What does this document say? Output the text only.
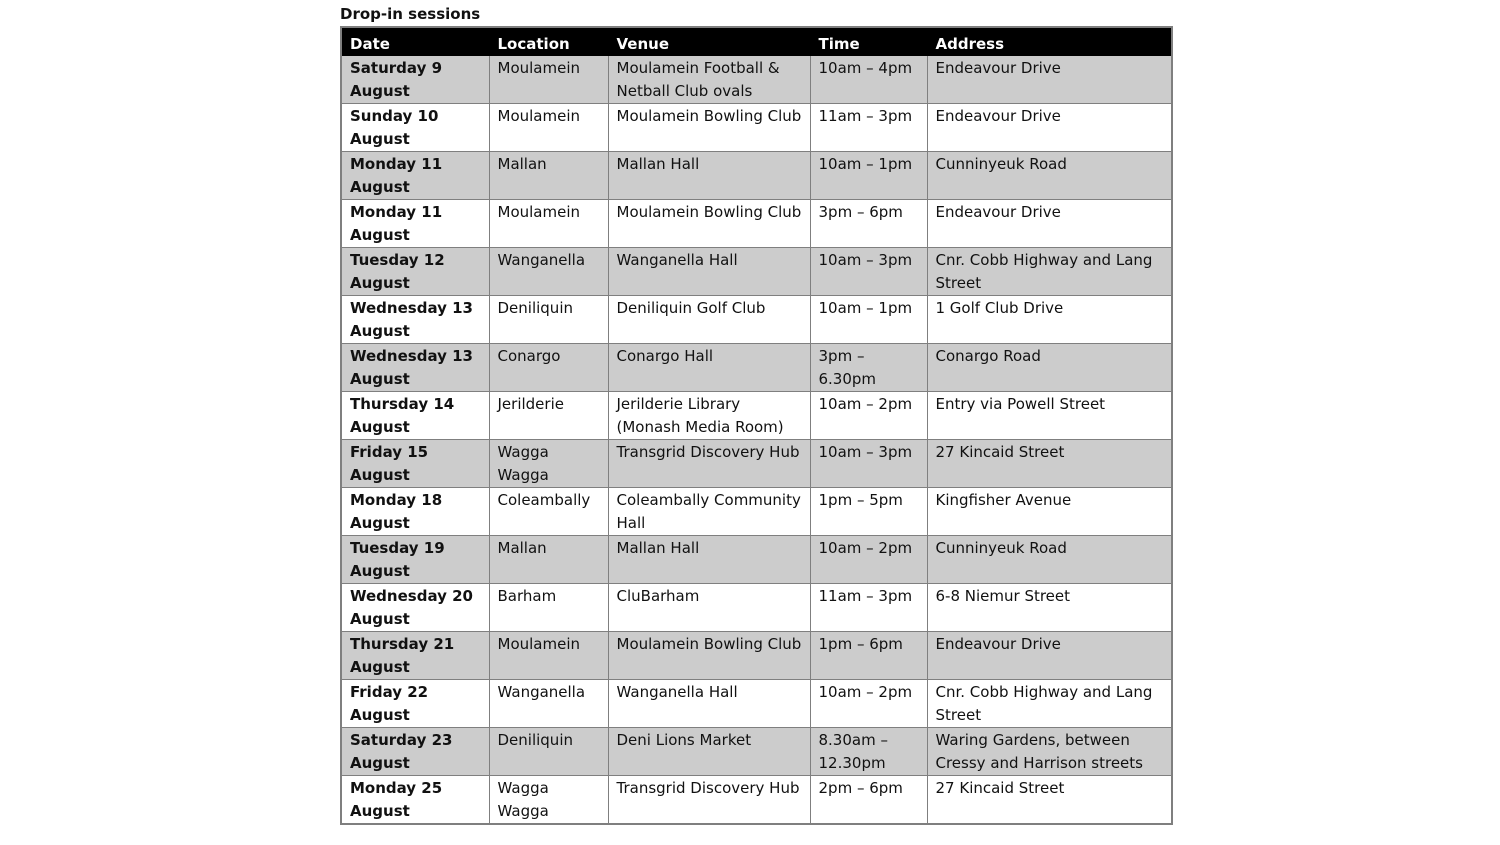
Drop-in sessions
Date	Location	Venue	Time	Address
Saturday 9 August	Moulamein	Moulamein Football & Netball Club ovals	10am – 4pm	Endeavour Drive
Sunday 10 August	Moulamein	Moulamein Bowling Club	11am – 3pm	Endeavour Drive
Monday 11 August	Mallan	Mallan Hall	10am – 1pm	Cunninyeuk Road
Monday 11 August	Moulamein	Moulamein Bowling Club	3pm – 6pm	Endeavour Drive
Tuesday 12 August	Wanganella	Wanganella Hall	10am – 3pm	Cnr. Cobb Highway and Lang Street
Wednesday 13 August	Deniliquin	Deniliquin Golf Club	10am – 1pm	1 Golf Club Drive
Wednesday 13 August	Conargo	Conargo Hall	3pm – 6.30pm	Conargo Road
Thursday 14 August	Jerilderie	Jerilderie Library (Monash Media Room)	10am – 2pm	Entry via Powell Street
Friday 15 August	Wagga Wagga	Transgrid Discovery Hub	10am – 3pm	27 Kincaid Street
Monday 18 August	Coleambally	Coleambally Community Hall	1pm – 5pm	Kingfisher Avenue
Tuesday 19 August	Mallan	Mallan Hall	10am – 2pm	Cunninyeuk Road
Wednesday 20 August	Barham	CluBarham	11am – 3pm	6-8 Niemur Street
Thursday 21 August	Moulamein	Moulamein Bowling Club	1pm – 6pm	Endeavour Drive
Friday 22 August	Wanganella	Wanganella Hall	10am – 2pm	Cnr. Cobb Highway and Lang Street
Saturday 23 August	Deniliquin	Deni Lions Market	8.30am – 12.30pm	Waring Gardens, between Cressy and Harrison streets
Monday 25 August	Wagga Wagga	Transgrid Discovery Hub	2pm – 6pm	27 Kincaid Street
